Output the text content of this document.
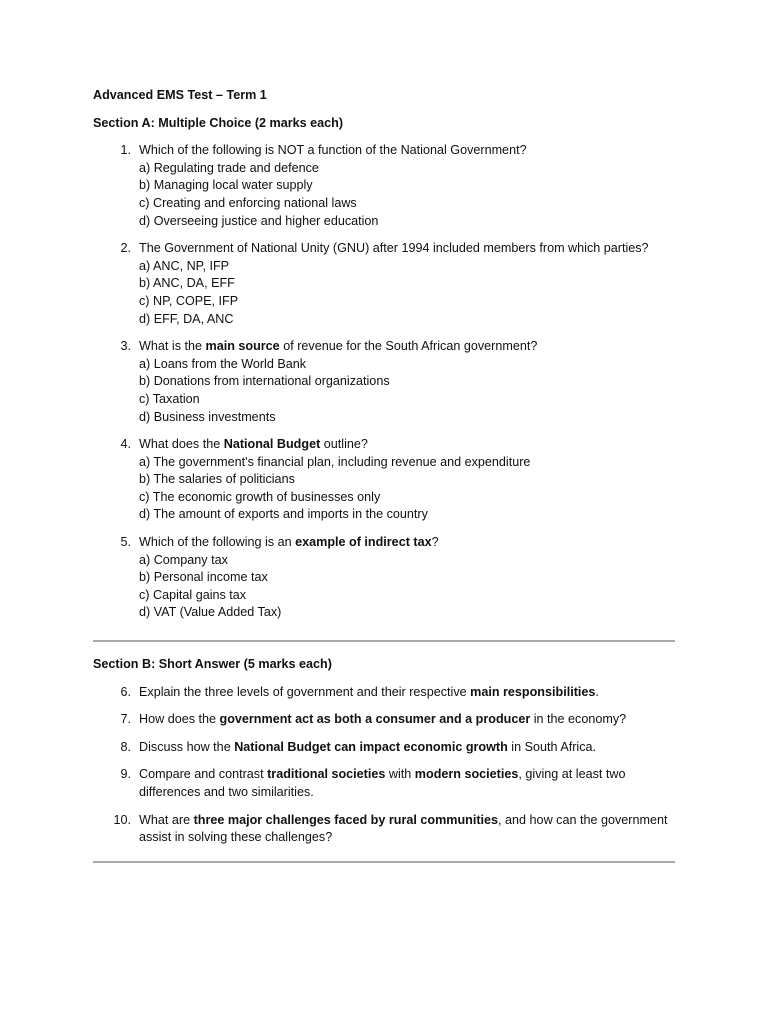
Advanced EMS Test – Term 1
Section A: Multiple Choice (2 marks each)
1. Which of the following is NOT a function of the National Government?
a) Regulating trade and defence
b) Managing local water supply
c) Creating and enforcing national laws
d) Overseeing justice and higher education
2. The Government of National Unity (GNU) after 1994 included members from which parties?
a) ANC, NP, IFP
b) ANC, DA, EFF
c) NP, COPE, IFP
d) EFF, DA, ANC
3. What is the main source of revenue for the South African government?
a) Loans from the World Bank
b) Donations from international organizations
c) Taxation
d) Business investments
4. What does the National Budget outline?
a) The government's financial plan, including revenue and expenditure
b) The salaries of politicians
c) The economic growth of businesses only
d) The amount of exports and imports in the country
5. Which of the following is an example of indirect tax?
a) Company tax
b) Personal income tax
c) Capital gains tax
d) VAT (Value Added Tax)
Section B: Short Answer (5 marks each)
6. Explain the three levels of government and their respective main responsibilities.
7. How does the government act as both a consumer and a producer in the economy?
8. Discuss how the National Budget can impact economic growth in South Africa.
9. Compare and contrast traditional societies with modern societies, giving at least two differences and two similarities.
10. What are three major challenges faced by rural communities, and how can the government assist in solving these challenges?
